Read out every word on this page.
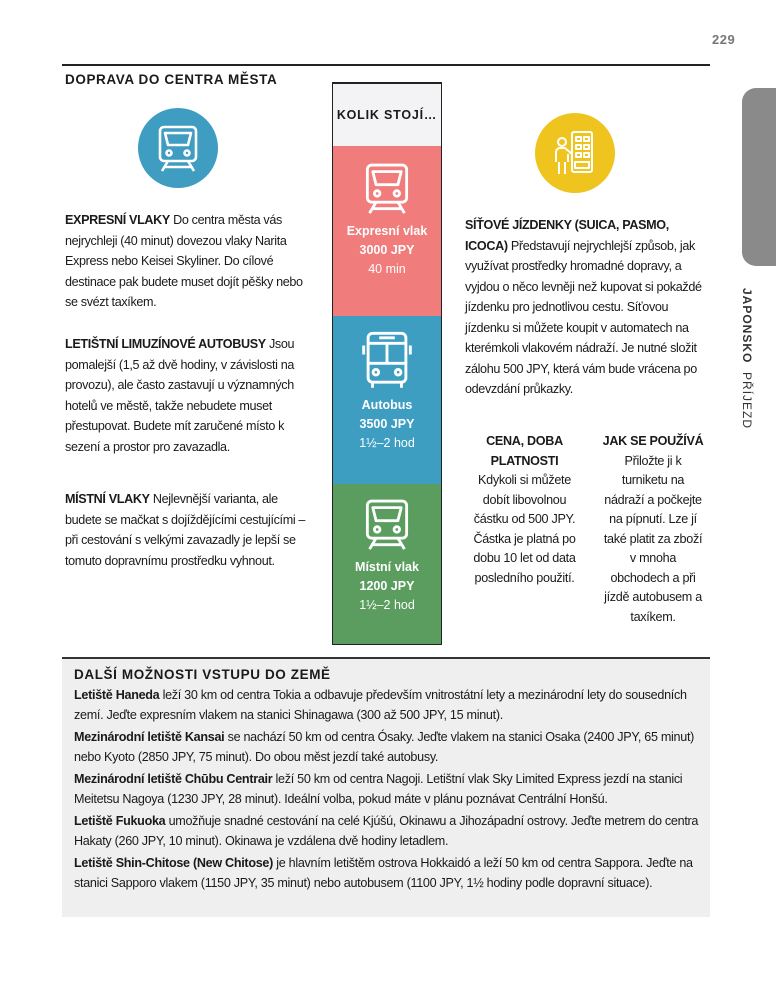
229
DOPRAVA DO CENTRA MĚSTA
JAPONSKO  PŘÍJEZD
EXPRESNÍ VLAKY Do centra města vás nejrychleji (40 minut) dovezou vlaky Narita Express nebo Keisei Skyliner. Do cílové destinace pak budete muset dojít pěšky nebo se svézt taxíkem.
LETIŠTNÍ LIMUZÍNOVÉ AUTOBUSY Jsou pomalejší (1,5 až dvě hodiny, v závislosti na provozu), ale často zastavují u významných hotelů ve městě, takže nebudete muset přestupovat. Budete mít zaručené místo k sezení a prostor pro zavazadla.
MÍSTNÍ VLAKY Nejlevnější varianta, ale budete se mačkat s dojíždějícími cestujícími – při cestování s velkými zavazadly je lepší se tomuto dopravnímu prostředku vyhnout.
KOLIK STOJÍ…
Expresní vlak
3000 JPY
40 min
Autobus
3500 JPY
1½–2 hod
Místní vlak
1200 JPY
1½–2 hod
SÍŤOVÉ JÍZDENKY (SUICA, PASMO, ICOCA) Představují nejrychlejší způsob, jak využívat prostředky hromadné dopravy, a vyjdou o něco levněji než kupovat si pokaždé jízdenku pro jednotlivou cestu. Síťovou jízdenku si můžete koupit v automatech na kterémkoli vlakovém nádraží. Je nutné složit zálohu 500 JPY, která vám bude vrácena po odevzdání průkazky.
CENA, DOBA PLATNOSTI
Kdykoli si můžete dobít libovolnou částku od 500 JPY. Částka je platná po dobu 10 let od data posledního použití.
JAK SE POUŽÍVÁ
Přiložte ji k turniketu na nádraží a počkejte na pípnutí. Lze jí také platit za zboží v mnoha obchodech a při jízdě autobusem a taxíkem.
DALŠÍ MOŽNOSTI VSTUPU DO ZEMĚ

Letiště Haneda leží 30 km od centra Tokia a odbavuje především vnitrostátní lety a mezinárodní lety do sousedních zemí. Jeďte expresním vlakem na stanici Shinagawa (300 až 500 JPY, 15 minut).

Mezinárodní letiště Kansai se nachází 50 km od centra Ósaky. Jeďte vlakem na stanici Osaka (2400 JPY, 65 minut) nebo Kyoto (2850 JPY, 75 minut). Do obou měst jezdí také autobusy.

Mezinárodní letiště Chūbu Centrair leží 50 km od centra Nagoji. Letištní vlak Sky Limited Express jezdí na stanici Meitetsu Nagoya (1230 JPY, 28 minut). Ideální volba, pokud máte v plánu poznávat Centrální Honšú.

Letiště Fukuoka umožňuje snadné cestování na celé Kjúšú, Okinawu a Jihozápadní ostrovy. Jeďte metrem do centra Hakaty (260 JPY, 10 minut). Okinawa je vzdálena dvě hodiny letadlem.

Letiště Shin-Chitose (New Chitose) je hlavním letištěm ostrova Hokkaidó a leží 50 km od centra Sappora. Jeďte na stanici Sapporo vlakem (1150 JPY, 35 minut) nebo autobusem (1100 JPY, 1½ hodiny podle dopravní situace).
